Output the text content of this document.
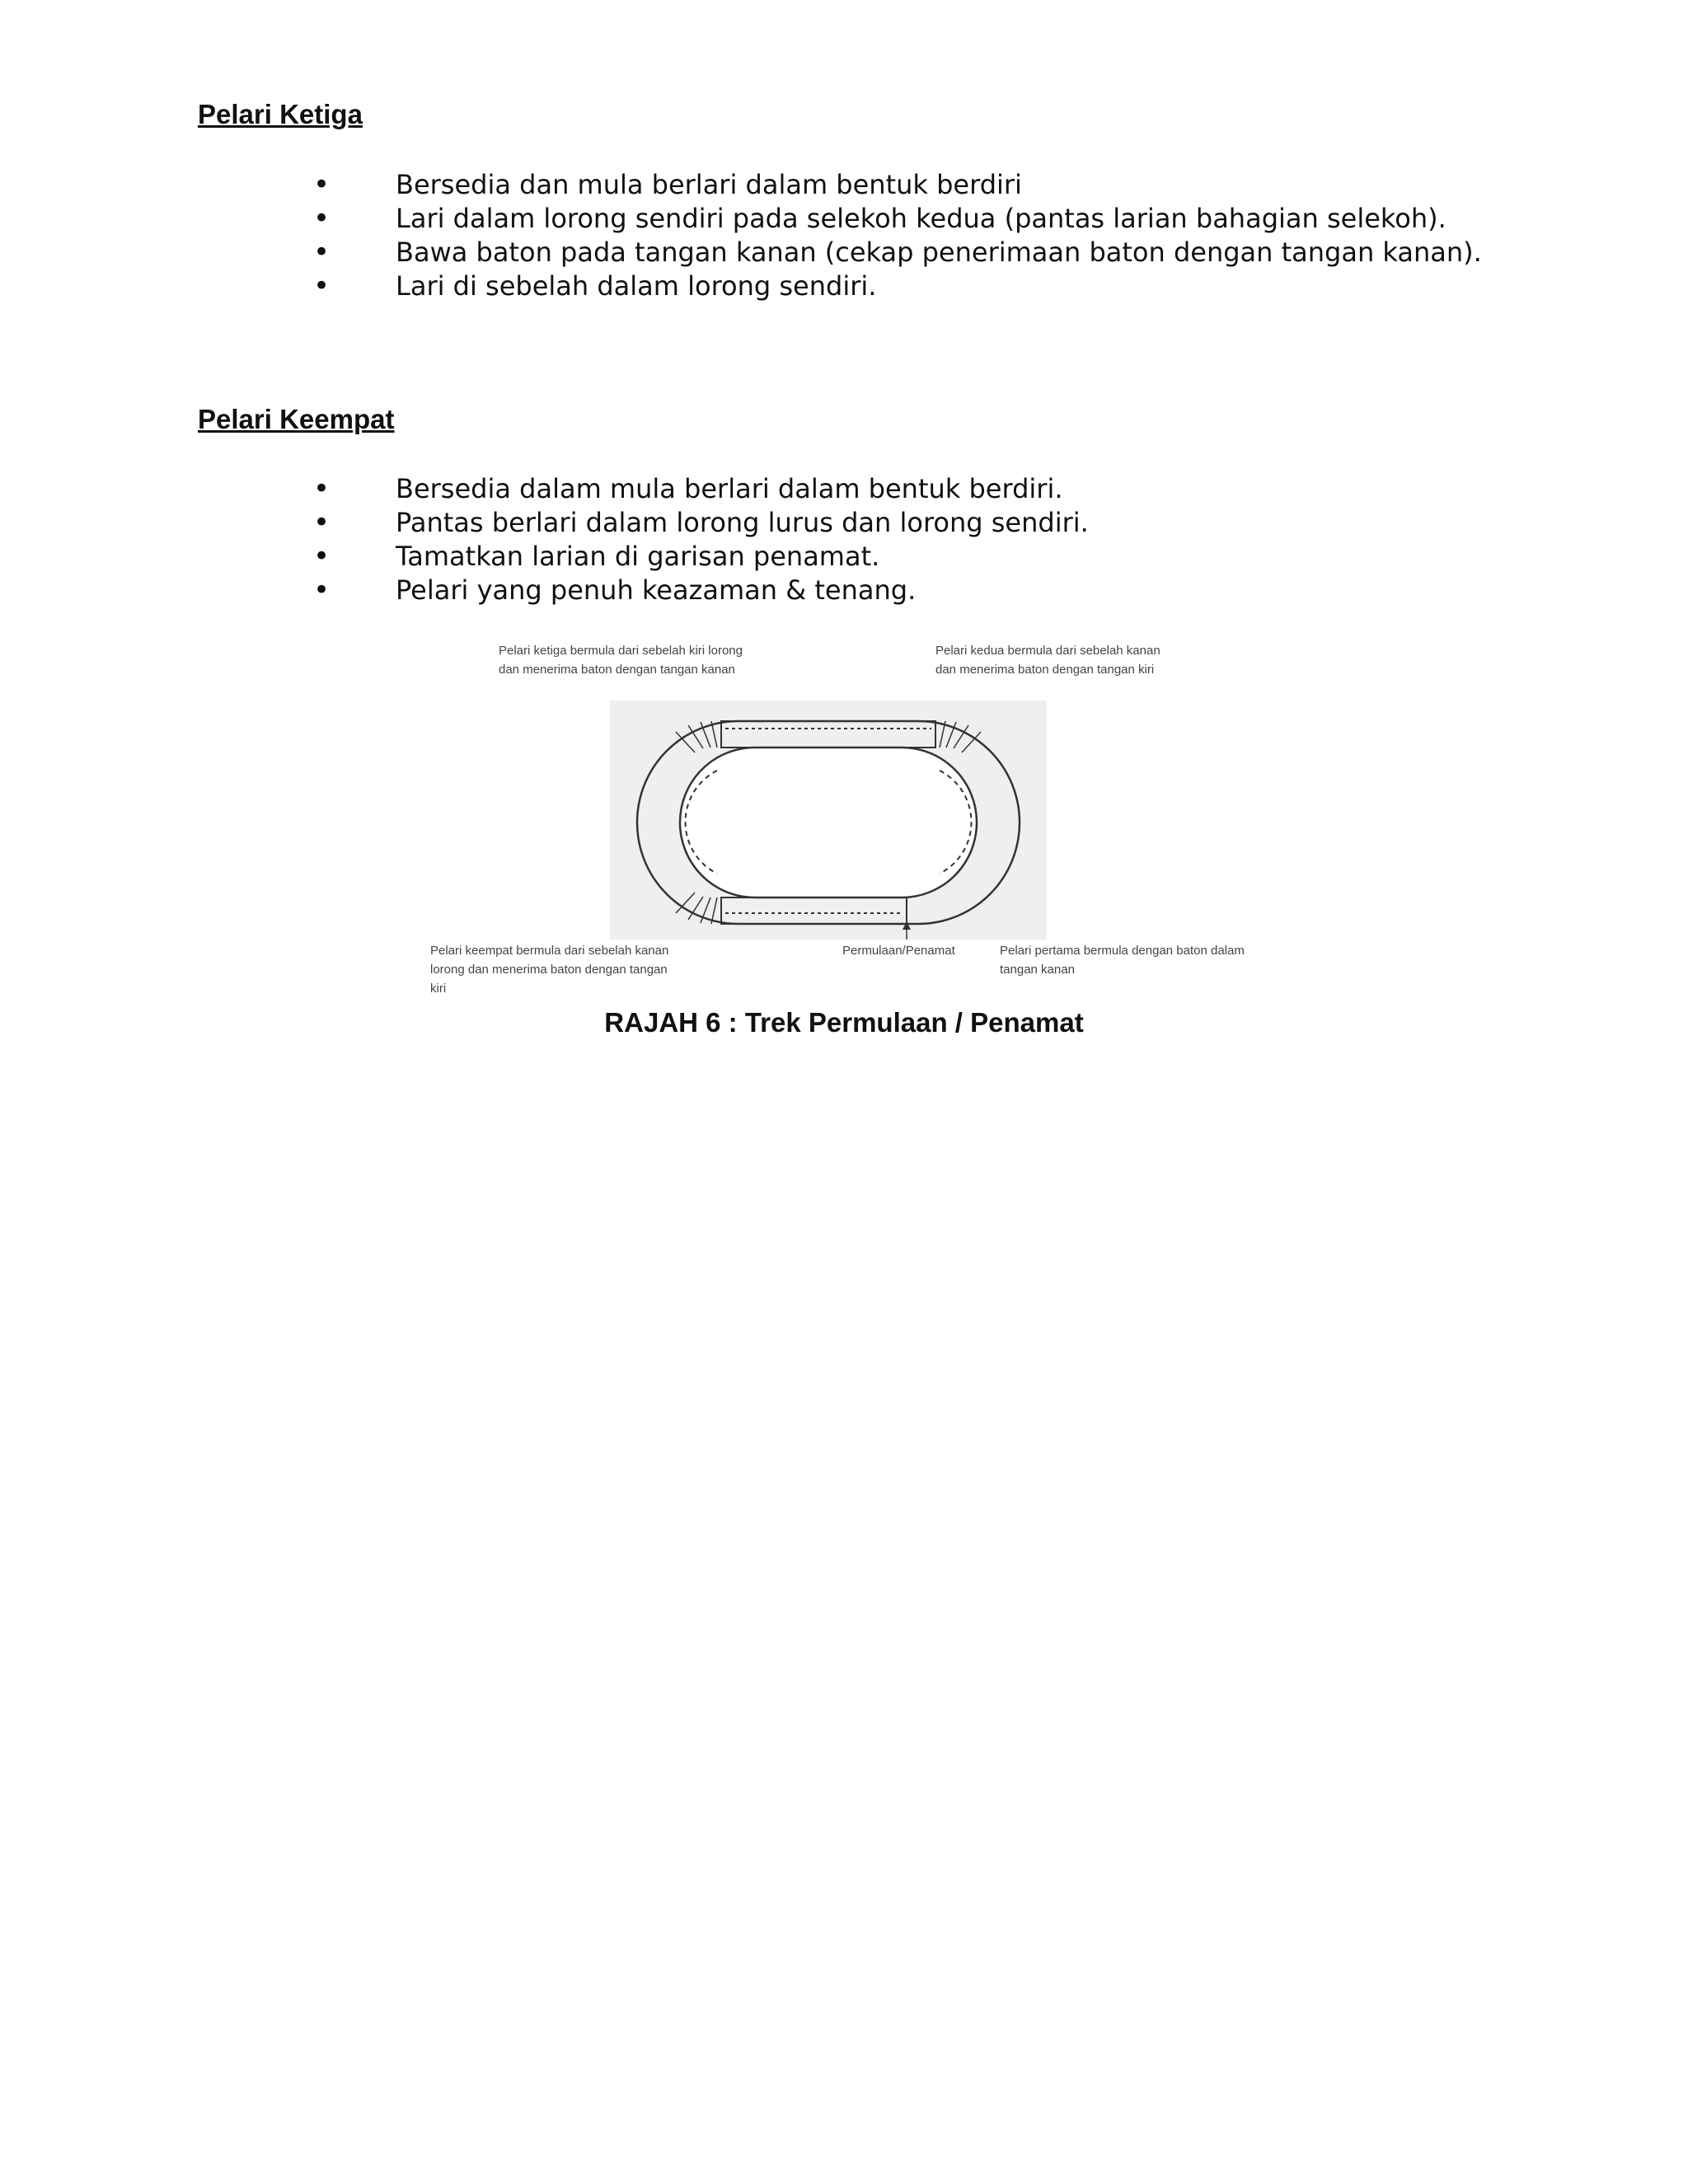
Pelari Ketiga
• Bersedia dan mula berlari dalam bentuk berdiri
• Lari dalam lorong sendiri pada selekoh kedua (pantas larian bahagian selekoh).
• Bawa baton pada tangan kanan (cekap penerimaan baton dengan tangan kanan).
• Lari di sebelah dalam lorong sendiri.
Pelari Keempat
• Bersedia dalam mula berlari dalam bentuk berdiri.
• Pantas berlari dalam lorong lurus dan lorong sendiri.
• Tamatkan larian di garisan penamat.
• Pelari yang penuh keazaman & tenang.

Pelari ketiga bermula dari sebelah kiri lorong dan menerima baton dengan tangan kanan

Pelari kedua bermula dari sebelah kanan dan menerima baton dengan tangan kiri

Pelari keempat bermula dari sebelah kanan lorong dan menerima baton dengan tangan kiri

Permulaan/Penamat	Pelari pertama bermula dengan baton dalam tangan kanan

RAJAH 6 : Trek Permulaan / Penamat
